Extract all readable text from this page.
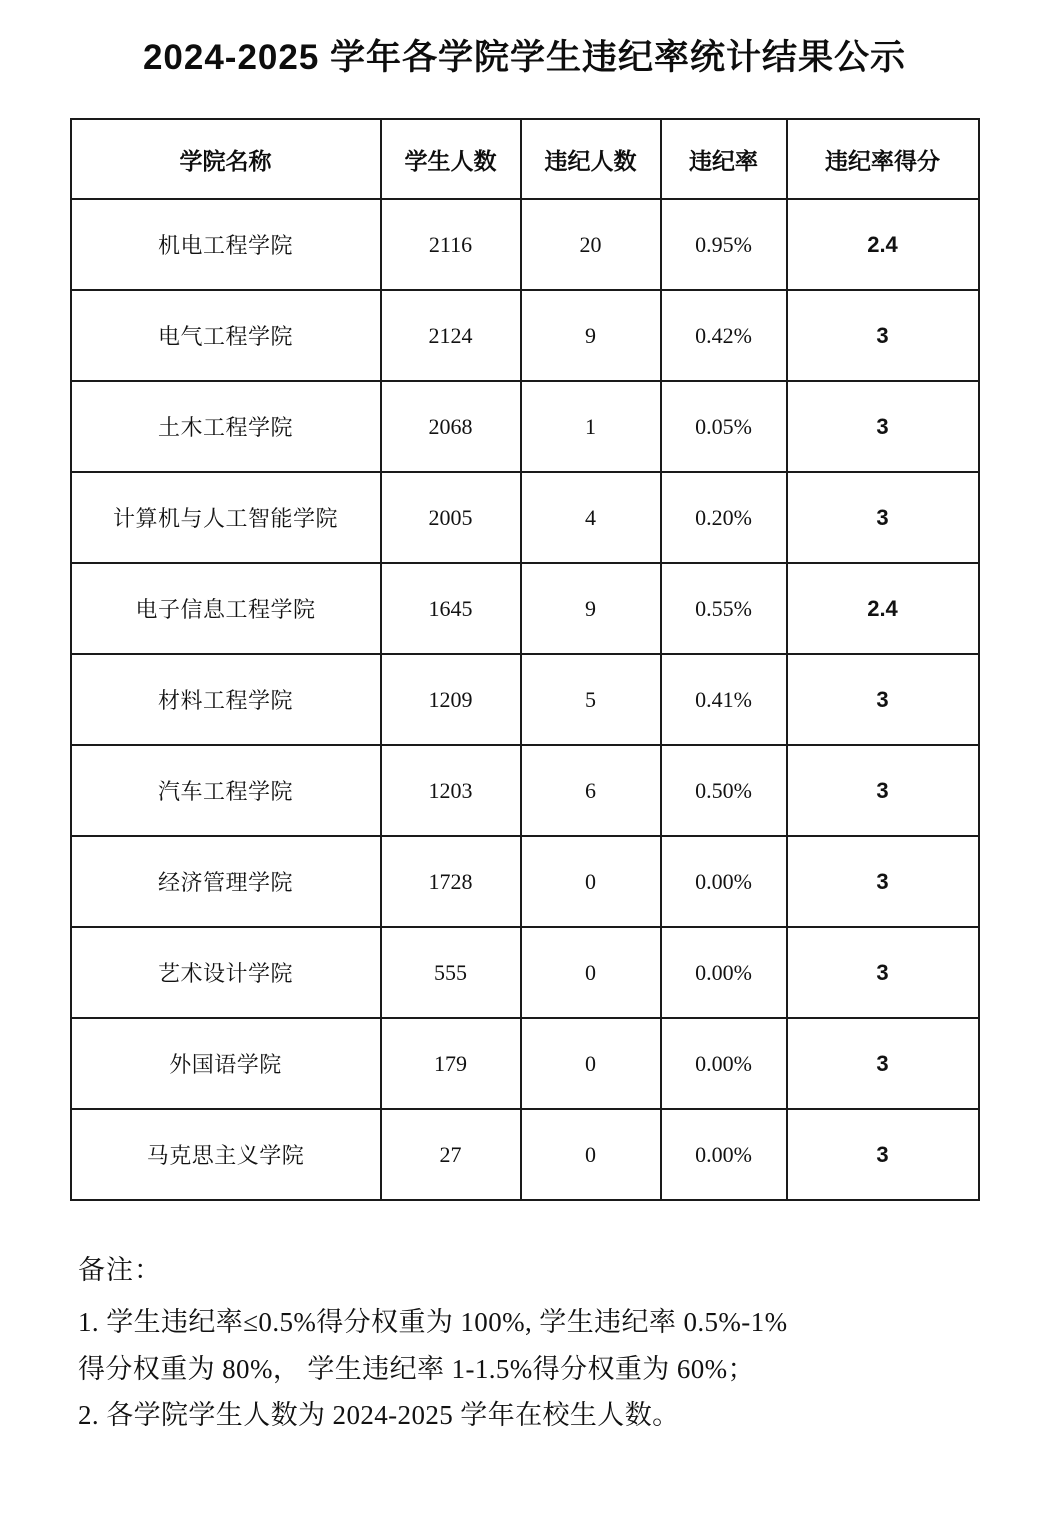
2024-2025 学年各学院学生违纪率统计结果公示
学院名称	学生人数	违纪人数	违纪率	违纪率得分
机电工程学院	2116	20	0.95%	2.4
电气工程学院	2124	9	0.42%	3
土木工程学院	2068	1	0.05%	3
计算机与人工智能学院	2005	4	0.20%	3
电子信息工程学院	1645	9	0.55%	2.4
材料工程学院	1209	5	0.41%	3
汽车工程学院	1203	6	0.50%	3
经济管理学院	1728	0	0.00%	3
艺术设计学院	555	0	0.00%	3
外国语学院	179	0	0.00%	3
马克思主义学院	27	0	0.00%	3
备注：
1. 学生违纪率≤0.5%得分权重为 100%, 学生违纪率 0.5%-1%
得分权重为 80%， 学生违纪率 1-1.5%得分权重为 60%；
2. 各学院学生人数为 2024-2025 学年在校生人数。
